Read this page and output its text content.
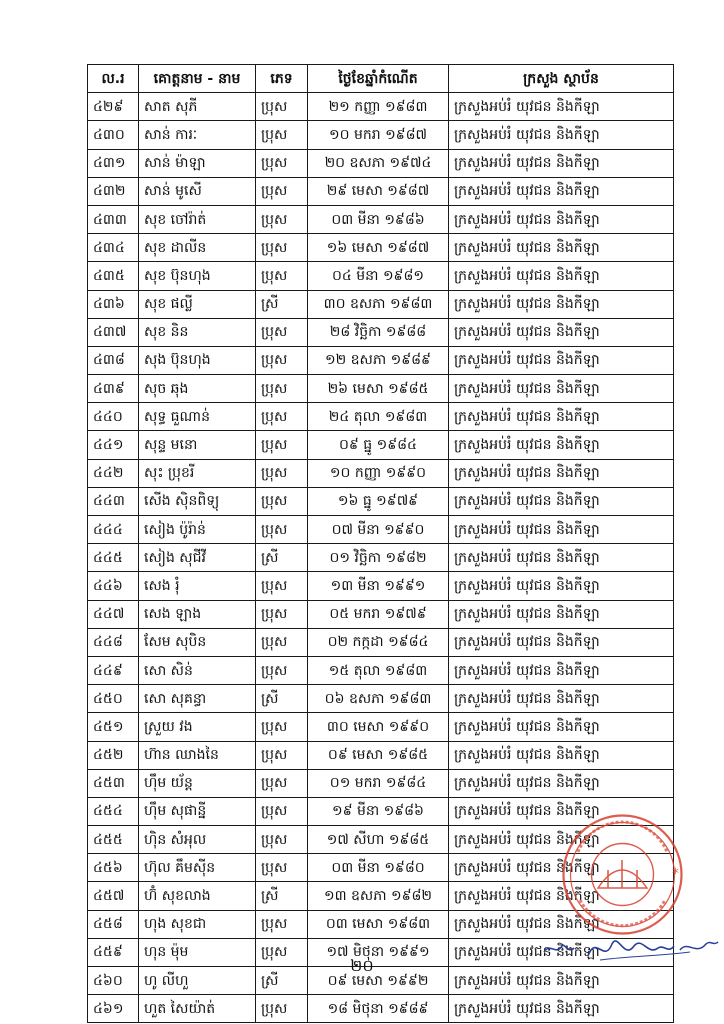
ល.រ	គោត្តនាម - នាម	ភេទ	ថ្ងៃខែឆ្នាំកំណើត	ក្រសួង ស្ថាប័ន
៤២៩	សាត សុភី	ប្រុស	២១ កញ្ញា ១៩៨៣	ក្រសួងអប់រំ យុវជន និងកីឡា
៤៣០	សាន់ ការៈ	ប្រុស	១០ មករា ១៩៨៧	ក្រសួងអប់រំ យុវជន និងកីឡា
៤៣១	សាន់ ម៉ាឡា	ប្រុស	២០ ឧសភា ១៩៧៤	ក្រសួងអប់រំ យុវជន និងកីឡា
៤៣២	សាន់ មូសើ	ប្រុស	២៩ មេសា ១៩៨៧	ក្រសួងអប់រំ យុវជន និងកីឡា
៤៣៣	សុខ ចៅរ៉ាត់	ប្រុស	០៣ មីនា ១៩៨៦	ក្រសួងអប់រំ យុវជន និងកីឡា
៤៣៤	សុខ ដាលីន	ប្រុស	១៦ មេសា ១៩៨៧	ក្រសួងអប់រំ យុវជន និងកីឡា
៤៣៥	សុខ ប៊ុនហុង	ប្រុស	០៤ មីនា ១៩៨១	ក្រសួងអប់រំ យុវជន និងកីឡា
៤៣៦	សុខ ផល្លី	ស្រី	៣០ ឧសភា ១៩៨៣	ក្រសួងអប់រំ យុវជន និងកីឡា
៤៣៧	សុខ និន	ប្រុស	២៨ វិច្ឆិកា ១៩៨៨	ក្រសួងអប់រំ យុវជន និងកីឡា
៤៣៨	សុង ប៊ុនហុង	ប្រុស	១២ ឧសភា ១៩៨៩	ក្រសួងអប់រំ យុវជន និងកីឡា
៤៣៩	សុច ឆុង	ប្រុស	២៦ មេសា ១៩៨៥	ក្រសួងអប់រំ យុវជន និងកីឡា
៤៤០	សុទ្ធ ធួណាន់	ប្រុស	២៤ តុលា ១៩៨៣	ក្រសួងអប់រំ យុវជន និងកីឡា
៤៤១	សុន្ទ មនោ	ប្រុស	០៩ ធ្នូ ១៩៨៤	ក្រសួងអប់រំ យុវជន និងកីឡា
៤៤២	សុះ ប្រុខរី	ប្រុស	១០ កញ្ញា ១៩៩០	ក្រសួងអប់រំ យុវជន និងកីឡា
៤៤៣	សើង ស៊ិនពិទ្យុ	ប្រុស	១៦ ធ្នូ ១៩៧៩	ក្រសួងអប់រំ យុវជន និងកីឡា
៤៤៤	សៀង ប៉ូរ៉ាន់	ប្រុស	០៧ មីនា ១៩៩០	ក្រសួងអប់រំ យុវជន និងកីឡា
៤៤៥	សៀង សុជីវី	ស្រី	០១ វិច្ឆិកា ១៩៨២	ក្រសួងអប់រំ យុវជន និងកីឡា
៤៤៦	សេង រុំ	ប្រុស	១៣ មីនា ១៩៩១	ក្រសួងអប់រំ យុវជន និងកីឡា
៤៤៧	សេង ឡាង	ប្រុស	០៥ មករា ១៩៧៩	ក្រសួងអប់រំ យុវជន និងកីឡា
៤៤៨	សែម សុបិន	ប្រុស	០២ កក្កដា ១៩៨៤	ក្រសួងអប់រំ យុវជន និងកីឡា
៤៤៩	សោ សិន់	ប្រុស	១៥ តុលា ១៩៨៣	ក្រសួងអប់រំ យុវជន និងកីឡា
៤៥០	សោ សុគន្ធា	ស្រី	០៦ ឧសភា ១៩៨៣	ក្រសួងអប់រំ យុវជន និងកីឡា
៤៥១	ស្រួយ វង	ប្រុស	៣០ មេសា ១៩៩០	ក្រសួងអប់រំ យុវជន និងកីឡា
៤៥២	ហ៊ាន ឈាងនៃ	ប្រុស	០៩ មេសា ១៩៨៥	ក្រសួងអប់រំ យុវជន និងកីឡា
៤៥៣	ហ៊ឹម យ័ន្ត	ប្រុស	០១ មករា ១៩៨៤	ក្រសួងអប់រំ យុវជន និងកីឡា
៤៥៤	ហ៊ឹម សុផាន្នី	ប្រុស	១៩ មីនា ១៩៨៦	ក្រសួងអប់រំ យុវជន និងកីឡា
៤៥៥	ហ៊ិន សំអុល	ប្រុស	១៧ សីហា ១៩៨៥	ក្រសួងអប់រំ យុវជន និងកីឡា
៤៥៦	ហ៊ុល គឹមស៊ីន	ប្រុស	០៣ មីនា ១៩៨០	ក្រសួងអប់រំ យុវជន និងកីឡា
៤៥៧	ហ៊ំ សុខលាង	ស្រី	១៣ ឧសភា ១៩៨២	ក្រសួងអប់រំ យុវជន និងកីឡា
៤៥៨	ហុង សុខជា	ប្រុស	០៣ មេសា ១៩៨៣	ក្រសួងអប់រំ យុវជន និងកីឡា
៤៥៩	ហុន ម៉ុម	ប្រុស	១៧ មិថុនា ១៩៩១	ក្រសួងអប់រំ យុវជន និងកីឡា
៤៦០	ហូ លីហួ	ស្រី	០៩ មេសា ១៩៩២	ក្រសួងអប់រំ យុវជន និងកីឡា
៤៦១	ហួត សៃយ៉ាត់	ប្រុស	១៨ មិថុនា ១៩៨៩	ក្រសួងអប់រំ យុវជន និងកីឡា
*
២០
